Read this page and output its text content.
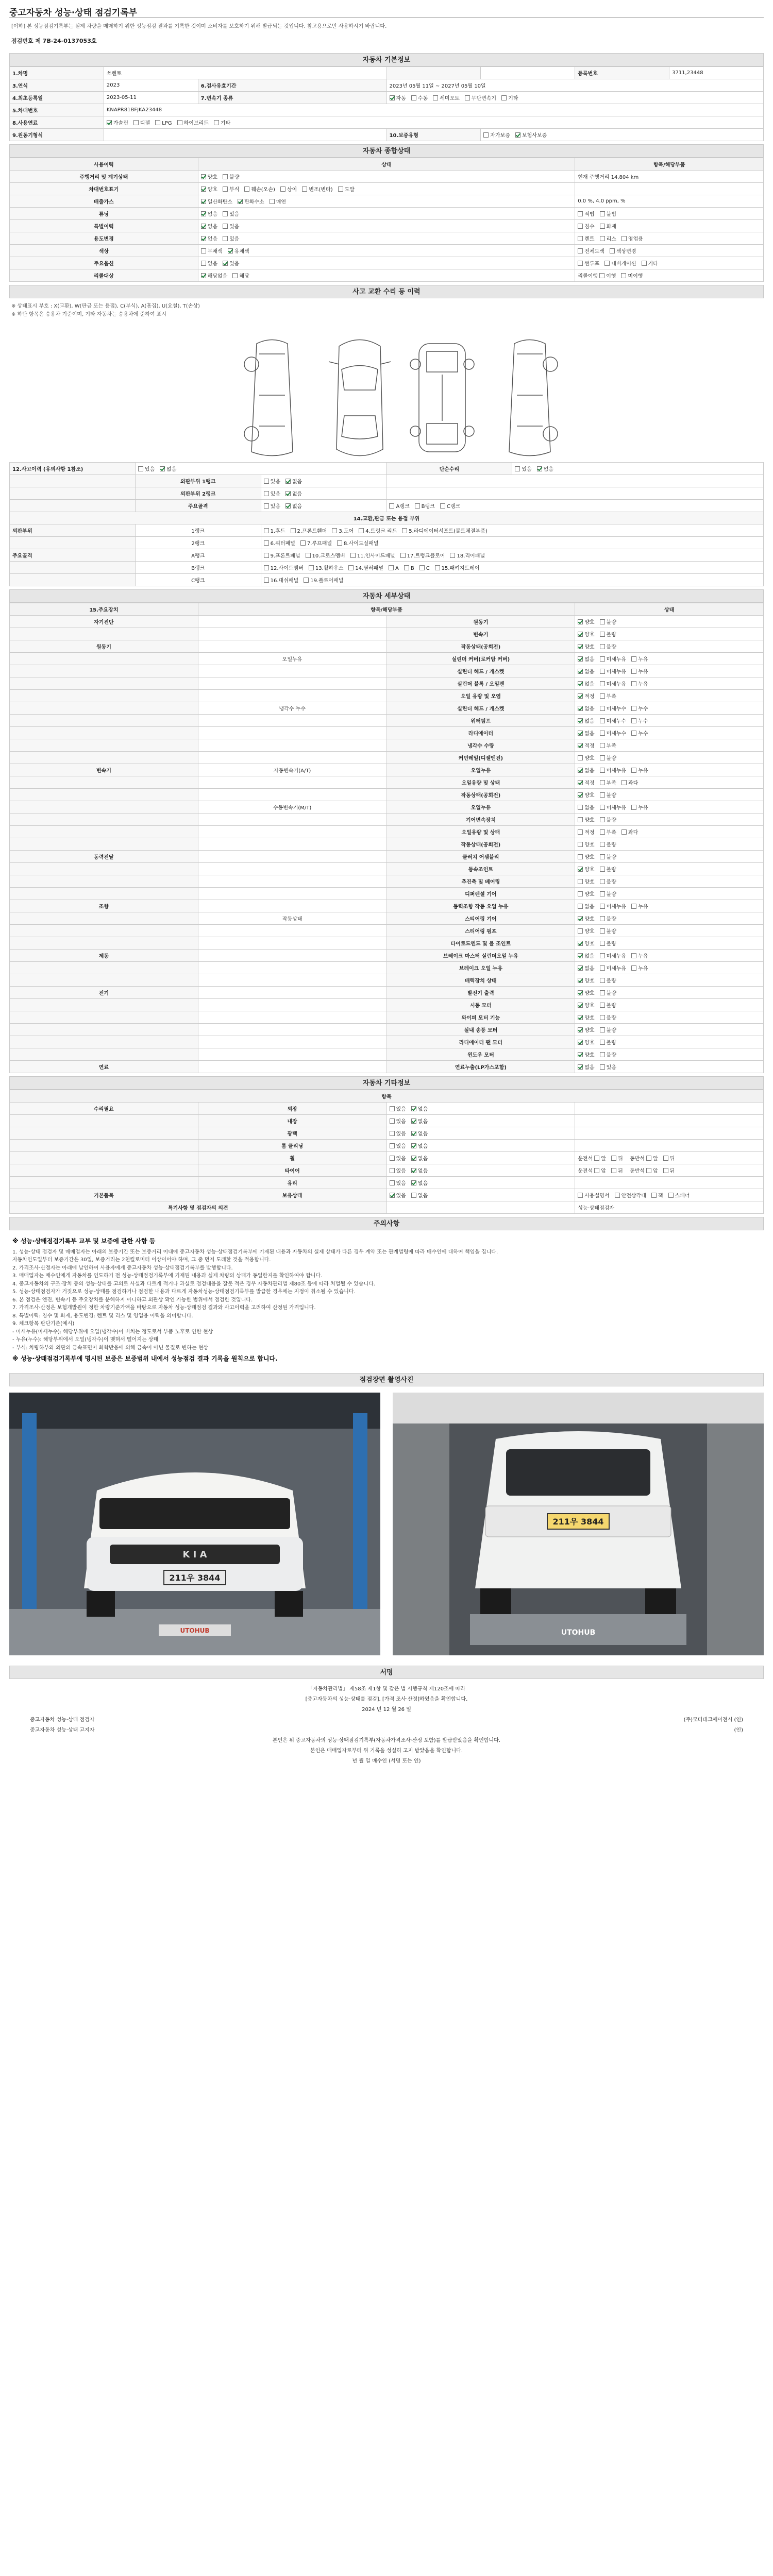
중고자동차 성능·상태 점검기록부
[이하] 본 성능점검기록부는 실제 차량을 매매하기 위한 성능점검 결과를 기록한 것이며 소비자를 보호하기 위해 발급되는 것입니다. 참고용으로만 사용하시기 바랍니다.
점검번호 제 7B-24-0137053호
자동차 기본정보
1.차명	쏘렌토				등록번호	3711,23448
3.연식	2023	6.검사유효기간	2023년 05월 11일 ~ 2027년 05월 10일			
4.최초등록일	2023-05-11	7.변속기 종류	자동 수동 세미오토 무단변속기 기타			
5.차대번호	KNAPR81BFJKA23448					
8.사용연료	가솔린 디젤 LPG 하이브리드 기타					
9.원동기형식			10.보증유형	자가보증 보험사보증		
자동차 종합상태
사용이력	상태	항목/해당부품
주행거리 및 계기상태	양호 불량	현재 주행거리 14,804 km
차대번호표기	양호 부식 훼손(오손) 상이 변조(변타) 도말	
배출가스	일산화탄소 탄화수소 매연	0.0 %, 4.0 ppm, %
튜닝	없음 있음	적법 불법
특별이력	없음 있음	침수 화재
용도변경	없음 있음	렌트 리스 영업용
색상	무채색 유채색	전체도색 색상변경
주요옵션	없음 있음	썬루프 내비게이션 기타
리콜대상	해당없음 해당	리콜이행 이행 미이행
사고 교환 수리 등 이력
※ 상태표시 부호 : X(교환), W(판금 또는 용접), C(부식), A(흠집), U(요철), T(손상)
※ 하단 항목은 승용차 기준이며, 기타 자동차는 승용차에 준하여 표시
12.사고이력 (유의사항 1참조)	있음 없음		단순수리	있음 없음
	외판부위 1랭크	있음 없음		
	외판부위 2랭크	있음 없음		
	주요골격	있음 없음	A랭크 B랭크 C랭크	
14.교환,판금 또는 용접 부위				
외판부위	1랭크	1.후드 2.프론트휀더 3.도어 4.트렁크 리드 5.라디에이터서포트(볼트체결부품)		
	2랭크	6.쿼터패널 7.루프패널 8.사이드실패널		
주요골격	A랭크	9.프론트패널 10.크로스멤버 11.인사이드패널 17.트렁크플로어 18.리어패널		
	B랭크	12.사이드멤버 13.휠하우스 14.필러패널 A B C 15.패키지트레이		
	C랭크	16.대쉬패널 19.플로어패널		
자동차 세부상태
15.주요장치	항목/해당부품		상태
자기진단		원동기	양호 불량
		변속기	양호 불량
원동기		작동상태(공회전)	양호 불량
	오일누유	실린더 커버(로커암 커버)	없음 미세누유 누유
		실린더 헤드 / 개스켓	없음 미세누유 누유
		실린더 블록 / 오일팬	없음 미세누유 누유
		오일 유량 및 오염	적정 부족
	냉각수 누수	실린더 헤드 / 개스켓	없음 미세누수 누수
		워터펌프	없음 미세누수 누수
		라디에이터	없음 미세누수 누수
		냉각수 수량	적정 부족
		커먼레일(디젤엔진)	양호 불량
변속기	자동변속기(A/T)	오일누유	없음 미세누유 누유
		오일유량 및 상태	적정 부족 과다
		작동상태(공회전)	양호 불량
	수동변속기(M/T)	오일누유	없음 미세누유 누유
		기어변속장치	양호 불량
		오일유량 및 상태	적정 부족 과다
		작동상태(공회전)	양호 불량
동력전달		클러치 어셈블리	양호 불량
		등속조인트	양호 불량
		추진축 및 베어링	양호 불량
		디퍼렌셜 기어	양호 불량
조향		동력조향 작동 오일 누유	없음 미세누유 누유
	작동상태	스티어링 기어	양호 불량
		스티어링 펌프	양호 불량
		타이로드엔드 및 볼 조인트	양호 불량
제동		브레이크 마스터 실린더오일 누유	없음 미세누유 누유
		브레이크 오일 누유	없음 미세누유 누유
		배력장치 상태	양호 불량
전기		발전기 출력	양호 불량
		시동 모터	양호 불량
		와이퍼 모터 기능	양호 불량
		실내 송풍 모터	양호 불량
		라디에이터 팬 모터	양호 불량
		윈도우 모터	양호 불량
연료		연료누출(LP가스포함)	없음 있음
자동차 기타정보
항목			
수리필요	외장	있음 없음	
	내장	있음 없음	
	광택	있음 없음	
	룸 클리닝	있음 없음	
	휠	있음 없음	운전석 앞 뒤 동반석 앞 뒤
	타이어	있음 없음	운전석 앞 뒤 동반석 앞 뒤
	유리	있음 없음	
기본품목	보유상태	있음 없음	사용설명서 안전삼각대 잭 스패너
특기사항 및 점검자의 의견			성능·상태점검자
주의사항
※ 성능·상태점검기록부 교부 및 보증에 관한 사항 등
1. 성능·상태 점검자 및 매매업자는 아래의 보증기간 또는 보증거리 이내에 중고자동차 성능·상태점검기록부에 기재된 내용과 자동차의 실제 상태가 다른 경우 계약 또는 관계법령에 따라 매수인에 대하여 책임을 집니다.
자동차인도일부터 보증기간은 30일, 보증거리는 2천킬로미터 이상이어야 하며, 그 중 먼저 도래한 것을 적용합니다.
2. 가격조사·산정자는 아래에 날인하여 사용자에게 중고자동차 성능·상태점검기록부를 발행합니다.
3. 매매업자는 매수인에게 자동차를 인도하기 전 성능·상태점검기록부에 기재된 내용과 실제 차량의 상태가 동일한지를 확인하여야 합니다.
4. 중고자동차의 구조·장치 등의 성능·상태를 고의로 사실과 다르게 적거나 과실로 점검내용을 잘못 적은 경우 자동차관리법 제80조 등에 따라 처벌될 수 있습니다.
5. 성능·상태점검자가 거짓으로 성능·상태를 점검하거나 점검한 내용과 다르게 자동차성능·상태점검기록부를 발급한 경우에는 지정이 취소될 수 있습니다.
6. 본 점검은 엔진, 변속기 등 주요장치를 분해하지 아니하고 외관상 확인 가능한 범위에서 점검한 것입니다.
7. 가격조사·산정은 보험개발원이 정한 차량기준가액을 바탕으로 자동차 성능·상태점검 결과와 사고이력을 고려하여 산정된 가격입니다.
8. 특별이력: 침수 및 화재, 용도변경: 렌트 및 리스 및 영업용 이력을 의미합니다.
9. 체크항목 판단기준(예시)
- 미세누유(미세누수): 해당부위에 오일(냉각수)이 비치는 정도로서 부품 노후로 인한 현상
- 누유(누수): 해당부위에서 오일(냉각수)이 맺혀서 떨어지는 상태
- 부식: 차량하부와 외판의 금속표면이 화학반응에 의해 금속이 아닌 물질로 변하는 현상
※ 성능·상태점검기록부에 명시된 보증은 보증범위 내에서 성능점검 결과 기록을 원칙으로 합니다.
점검장면 촬영사진
211우 3844
K I A
UTOHUB
211우 3844
UTOHUB
서명
「자동차관리법」 제58조 제1항 및 같은 법 시행규칙 제120조에 따라
[중고자동차의 성능·상태를 점검], [가격 조사·산정]하였음을 확인합니다.
2024 년 12 월 26 일
중고자동차 성능·상태 점검자	(주)모터테크에이전시 (인)
중고자동차 성능·상태 고지자	(인)
본인은 위 중고자동차의 성능·상태점검기록부(자동차가격조사·산정 포함)를 발급받았음을 확인합니다.
본인은 매매업자로부터 위 기록을 성실히 고지 받았음을 확인합니다.
년 월 일 매수인 (서명 또는 인)
